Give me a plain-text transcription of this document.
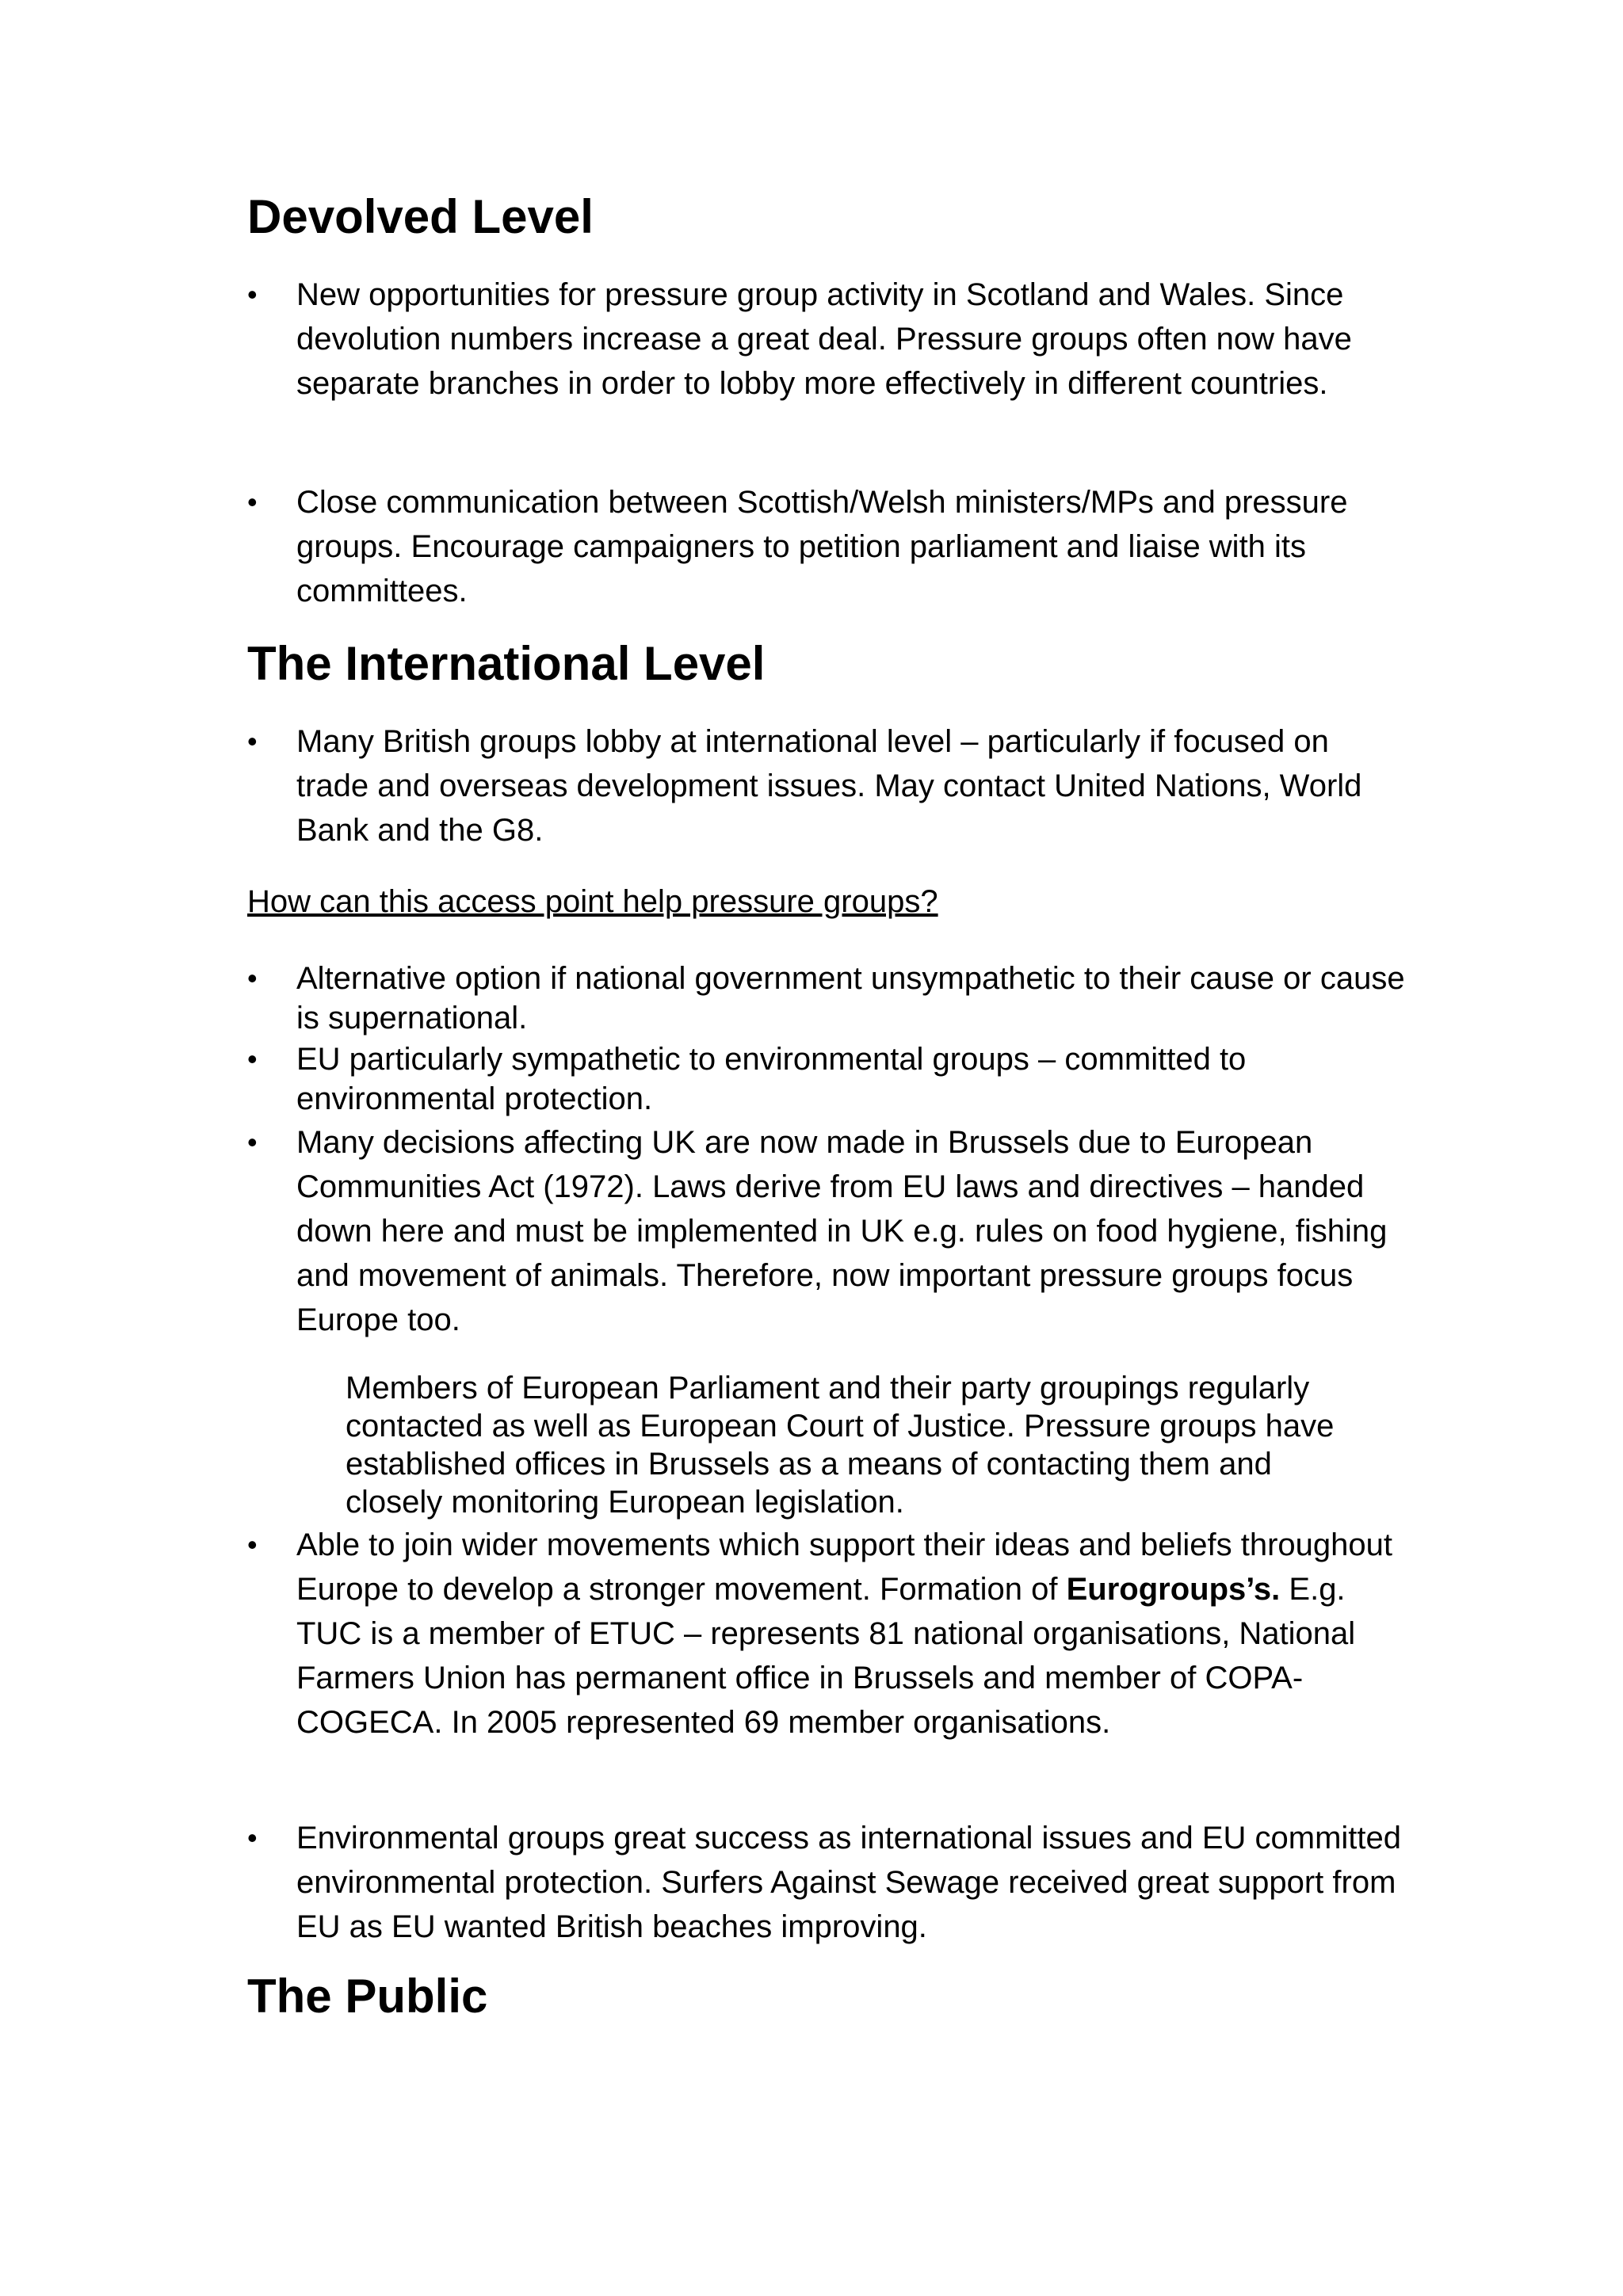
Devolved Level
• New opportunities for pressure group activity in Scotland and Wales. Since devolution numbers increase a great deal. Pressure groups often now have separate branches in order to lobby more effectively in different countries.

• Close communication between Scottish/Welsh ministers/MPs and pressure groups. Encourage campaigners to petition parliament and liaise with its committees.

The International Level
• Many British groups lobby at international level – particularly if focused on trade and overseas development issues. May contact United Nations, World Bank and the G8.

How can this access point help pressure groups?

• Alternative option if national government unsympathetic to their cause or cause is supernational.

• EU particularly sympathetic to environmental groups – committed to environmental protection.

• Many decisions affecting UK are now made in Brussels due to European Communities Act (1972). Laws derive from EU laws and directives – handed down here and must be implemented in UK e.g. rules on food hygiene, fishing and movement of animals. Therefore, now important pressure groups focus Europe too.

Members of European Parliament and their party groupings regularly contacted as well as European Court of Justice. Pressure groups have established offices in Brussels as a means of contacting them and closely monitoring European legislation.

• Able to join wider movements which support their ideas and beliefs throughout Europe to develop a stronger movement. Formation of Eurogroups’s. E.g. TUC is a member of ETUC – represents 81 national organisations, National Farmers Union has permanent office in Brussels and member of COPA-COGECA. In 2005 represented 69 member organisations.

• Environmental groups great success as international issues and EU committed environmental protection. Surfers Against Sewage received great support from EU as EU wanted British beaches improving.

The Public
